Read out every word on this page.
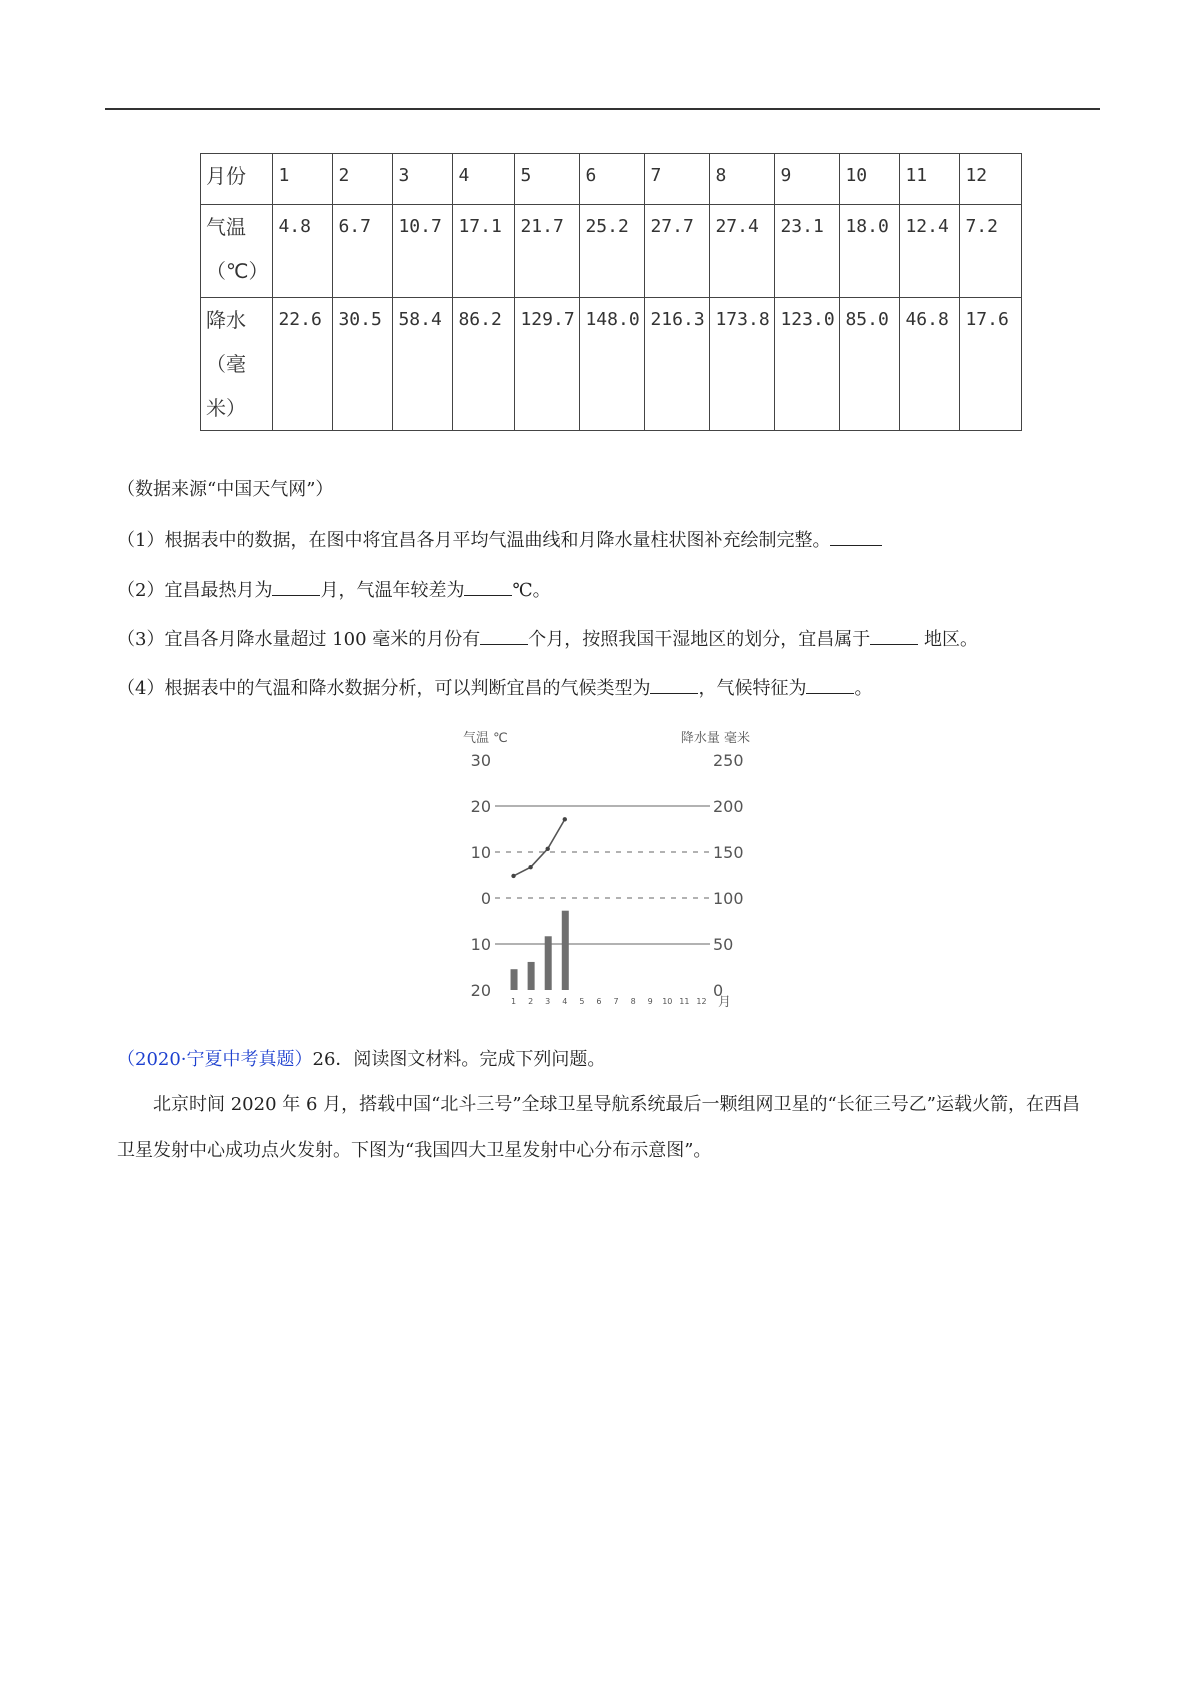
月份	1	2	3	4	5	6	7	8	9	10	11	12
气温
（℃）	4.8	6.7	10.7	17.1	21.7	25.2	27.7	27.4	23.1	18.0	12.4	7.2
降水
（毫
米）	22.6	30.5	58.4	86.2	129.7	148.0	216.3	173.8	123.0	85.0	46.8	17.6
（数据来源“中国天气网”）
（1）根据表中的数据，在图中将宜昌各月平均气温曲线和月降水量柱状图补充绘制完整。
（2）宜昌最热月为	月，气温年较差为	℃。
（3）宜昌各月降水量超过 100 毫米的月份有	个月，按照我国干湿地区的划分，宜昌属于	地区。
（4）根据表中的气温和降水数据分析，可以判断宜昌的气候类型为	，气候特征为	。
气温 ℃	降水量 毫米
30
20
10
0
10
20
250
200
150
100
50
0
1 2 3 4 5 6 7 8 9 10 11 12 月
（2020·宁夏中考真题）26．阅读图文材料。完成下列问题。
北京时间 2020 年 6 月，搭载中国“北斗三号”全球卫星导航系统最后一颗组网卫星的“长征三号乙”运载火箭，在西昌卫星发射中心成功点火发射。下图为“我国四大卫星发射中心分布示意图”。
